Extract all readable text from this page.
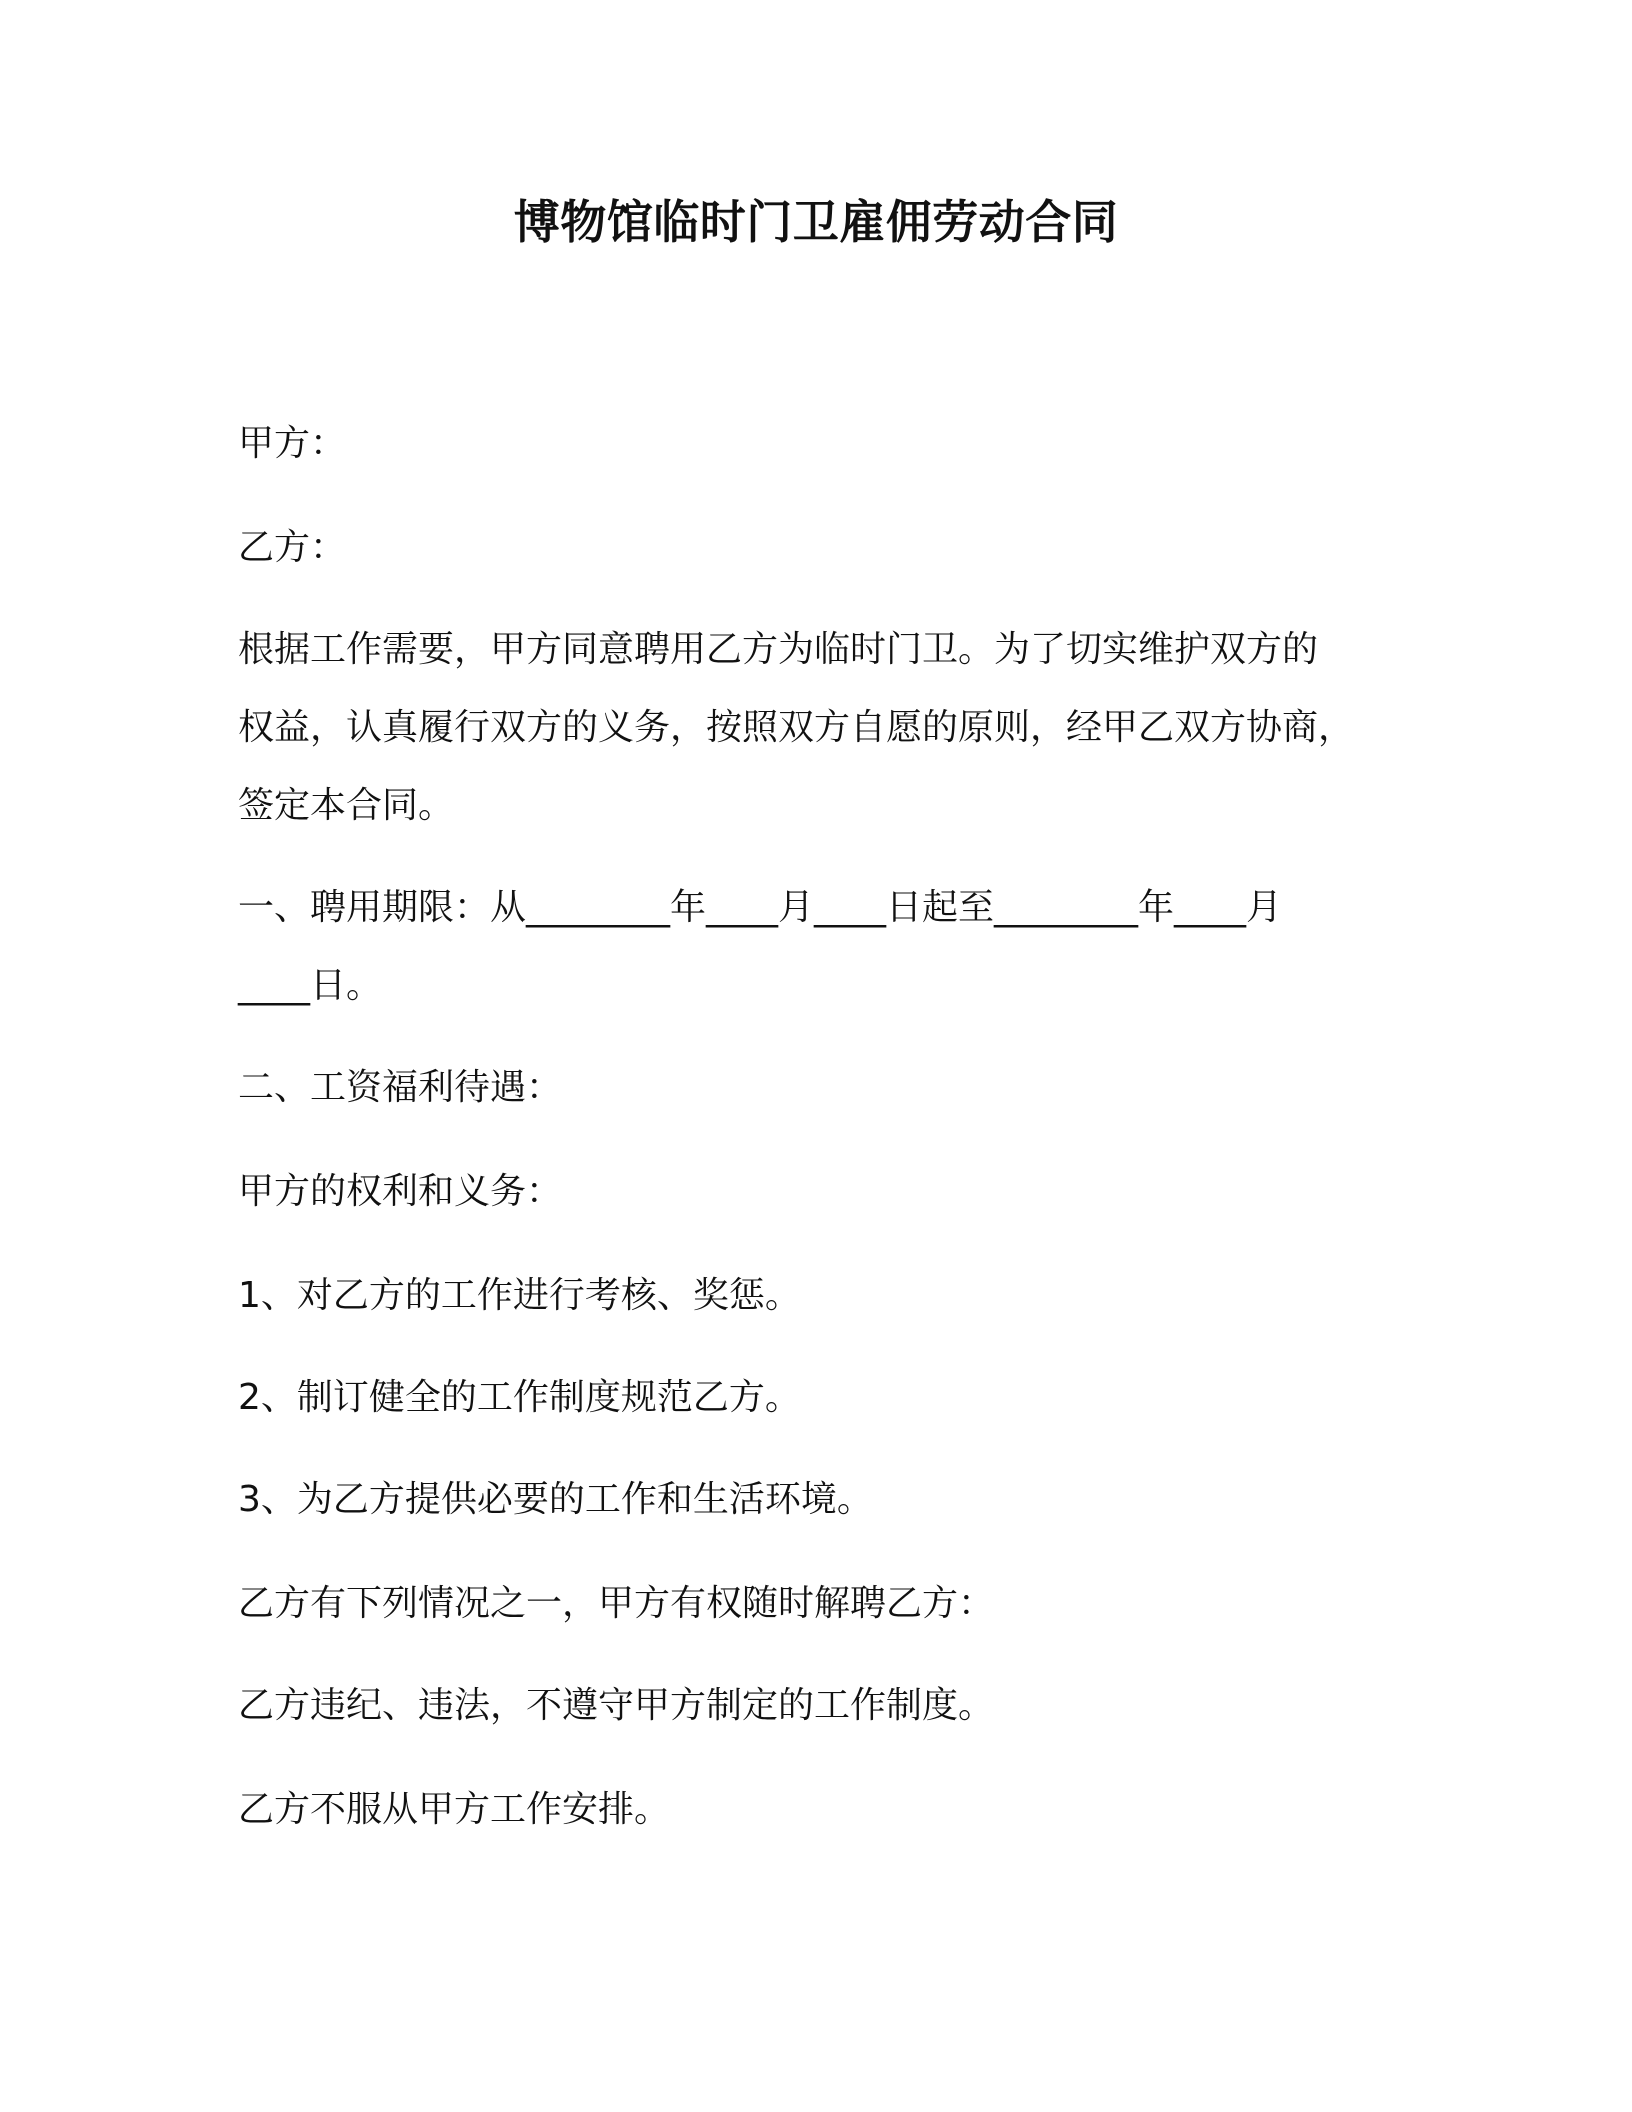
博物馆临时门卫雇佣劳动合同
甲方：
乙方：
根据工作需要，甲方同意聘用乙方为临时门卫。为了切实维护双方的
权益，认真履行双方的义务，按照双方自愿的原则，经甲乙双方协商，
签定本合同。
一、聘用期限：从________年____月____日起至________年____月
____日。
二、工资福利待遇：
甲方的权利和义务：
1、对乙方的工作进行考核、奖惩。
2、制订健全的工作制度规范乙方。
3、为乙方提供必要的工作和生活环境。
乙方有下列情况之一，甲方有权随时解聘乙方：
乙方违纪、违法，不遵守甲方制定的工作制度。
乙方不服从甲方工作安排。
